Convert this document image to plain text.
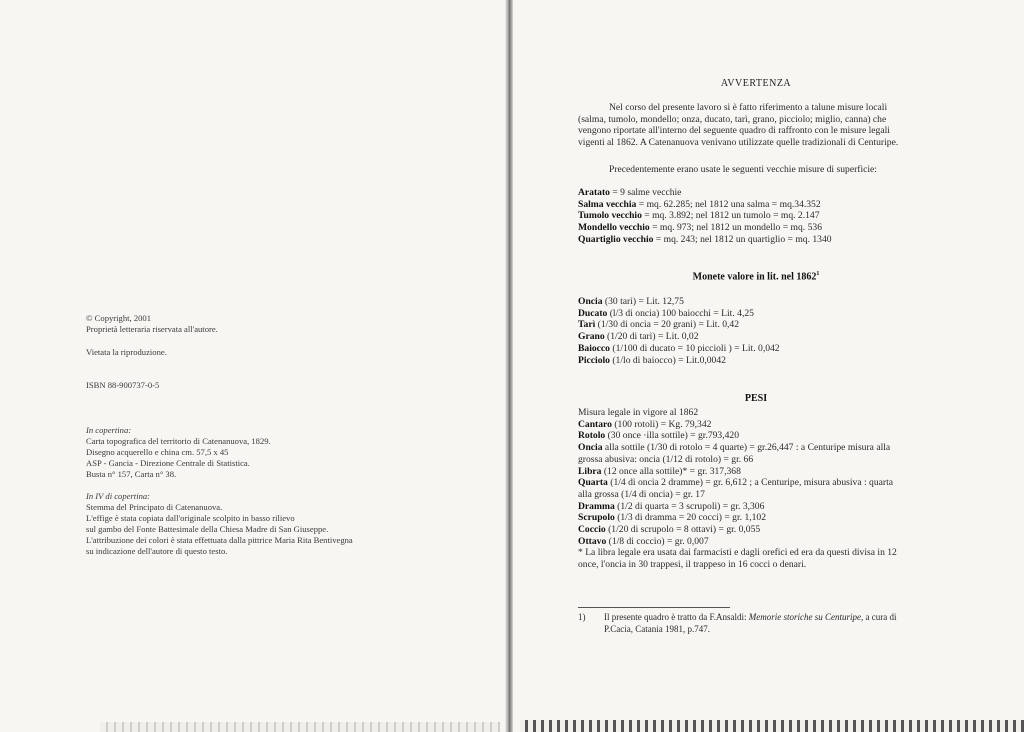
© Copyright, 2001
Proprietà letteraria riservata all'autore.
Vietata la riproduzione.
ISBN 88-900737-0-5
In copertina:
Carta topografica del territorio di Catenanuova, 1829.
Disegno acquerello e china cm. 57,5 x 45
ASP - Gancia - Direzione Centrale di Statistica.
Busta n° 157, Carta n° 38.
In IV di copertina:
Stemma del Principato di Catenanuova.
L'effige è stata copiata dall'originale scolpito in basso rilievo
sul gambo del Fonte Battesimale della Chiesa Madre di San Giuseppe.
L'attribuzione dei colori è stata effettuata dalla pittrice Maria Rita Bentivegna
su indicazione dell'autore di questo testo.
AVVERTENZA
Nel corso del presente lavoro si è fatto riferimento a talune misure locali
(salma, tumolo, mondello; onza, ducato, tarì, grano, picciolo; miglio, canna) che
vengono riportate all'interno del seguente quadro di raffronto con le misure legali
vigenti al 1862. A Catenanuova venivano utilizzate quelle tradizionali di Centuripe.
Precedentemente erano usate le seguenti vecchie misure di superficie:
Aratato = 9 salme vecchie
Salma vecchia = mq. 62.285; nel 1812 una salma = mq.34.352
Tumolo vecchio = mq. 3.892; nel 1812 un tumolo = mq. 2.147
Mondello vecchio = mq. 973; nel 1812 un mondello = mq. 536
Quartiglio vecchio = mq. 243; nel 1812 un quartiglio = mq. 1340
Monete valore in lit. nel 1862$^1$
Oncia (30 tarì) = Lit. 12,75
Ducato (l/3 di oncia) 100 baiocchi = Lit. 4,25
Tarì (1/30 di oncia = 20 grani) = Lit. 0,42
Grano (1/20 di tarì) = Lit. 0,02
Baiocco (1/100 di ducato = 10 piccioli ) = Lit. 0,042
Picciolo (1/lo di baiocco) = Lit.0,0042
PESI
Misura legale in vigore al 1862
Cantaro (100 rotoli) = Kg. 79,342
Rotolo (30 once ·illa sottile) = gr.793,420
Oncia alla sottile (1/30 di rotolo = 4 quarte) = gr.26,447 : a Centuripe misura alla
grossa abusiva: oncia (1/12 di rotolo) = gr. 66
Libra (12 once alla sottile)* = gr. 317,368
Quarta (1/4 di oncia 2 dramme) = gr. 6,612 ; a Centuripe, misura abusiva : quarta
alla grossa (1/4 di oncia) = gr. 17
Dramma (1/2 di quarta = 3 scrupoli) = gr. 3,306
Scrupolo (1/3 di dramma = 20 cocci) = gr. 1,102
Coccio (1/20 di scrupolo = 8 ottavi) = gr. 0,055
Ottavo (1/8 di coccio) = gr. 0,007
* La libra legale era usata dai farmacisti e dagli orefici ed era da questi divisa in 12
once, l'oncia in 30 trappesi, il trappeso in 16 cocci o denari.
1) Il presente quadro è tratto da F.Ansaldi: Memorie storiche su Centuripe, a cura di
P.Cacia, Catania 1981, p.747.
